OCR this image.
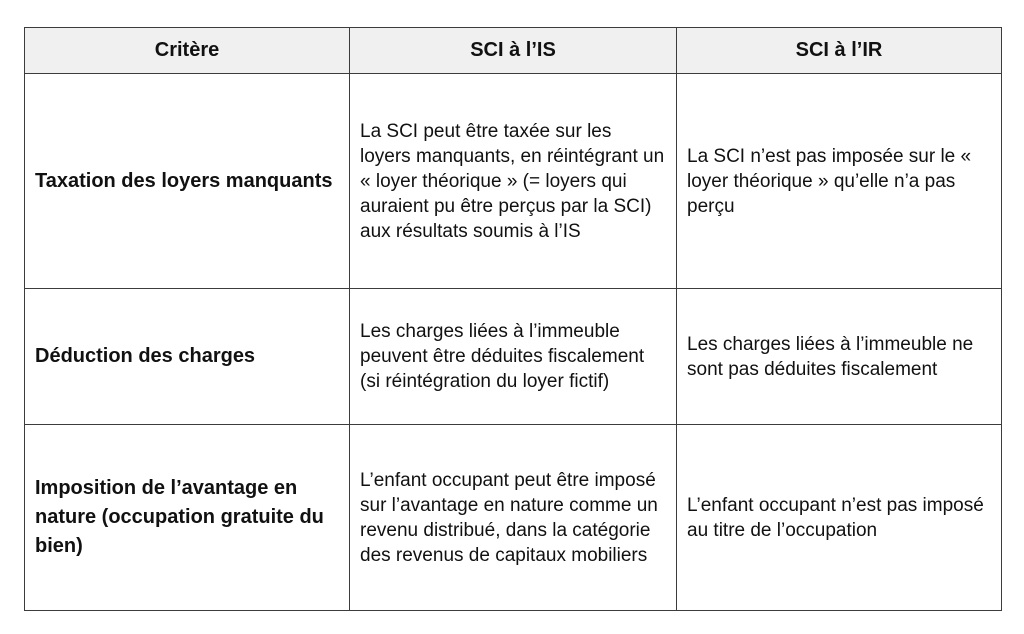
Critère	SCI à l’IS	SCI à l’IR
Taxation des loyers manquants	La SCI peut être taxée sur les loyers manquants, en réintégrant un « loyer théorique » (= loyers qui auraient pu être perçus par la SCI) aux résultats soumis à l’IS	La SCI n’est pas imposée sur le « loyer théorique » qu’elle n’a pas perçu
Déduction des charges	Les charges liées à l’immeuble peuvent être déduites fiscalement (si réintégration du loyer fictif)	Les charges liées à l’immeuble ne sont pas déduites fiscalement
Imposition de l’avantage en nature (occupation gratuite du bien)	L’enfant occupant peut être imposé sur l’avantage en nature comme un revenu distribué, dans la catégorie des revenus de capitaux mobiliers	L’enfant occupant n’est pas imposé au titre de l’occupation
